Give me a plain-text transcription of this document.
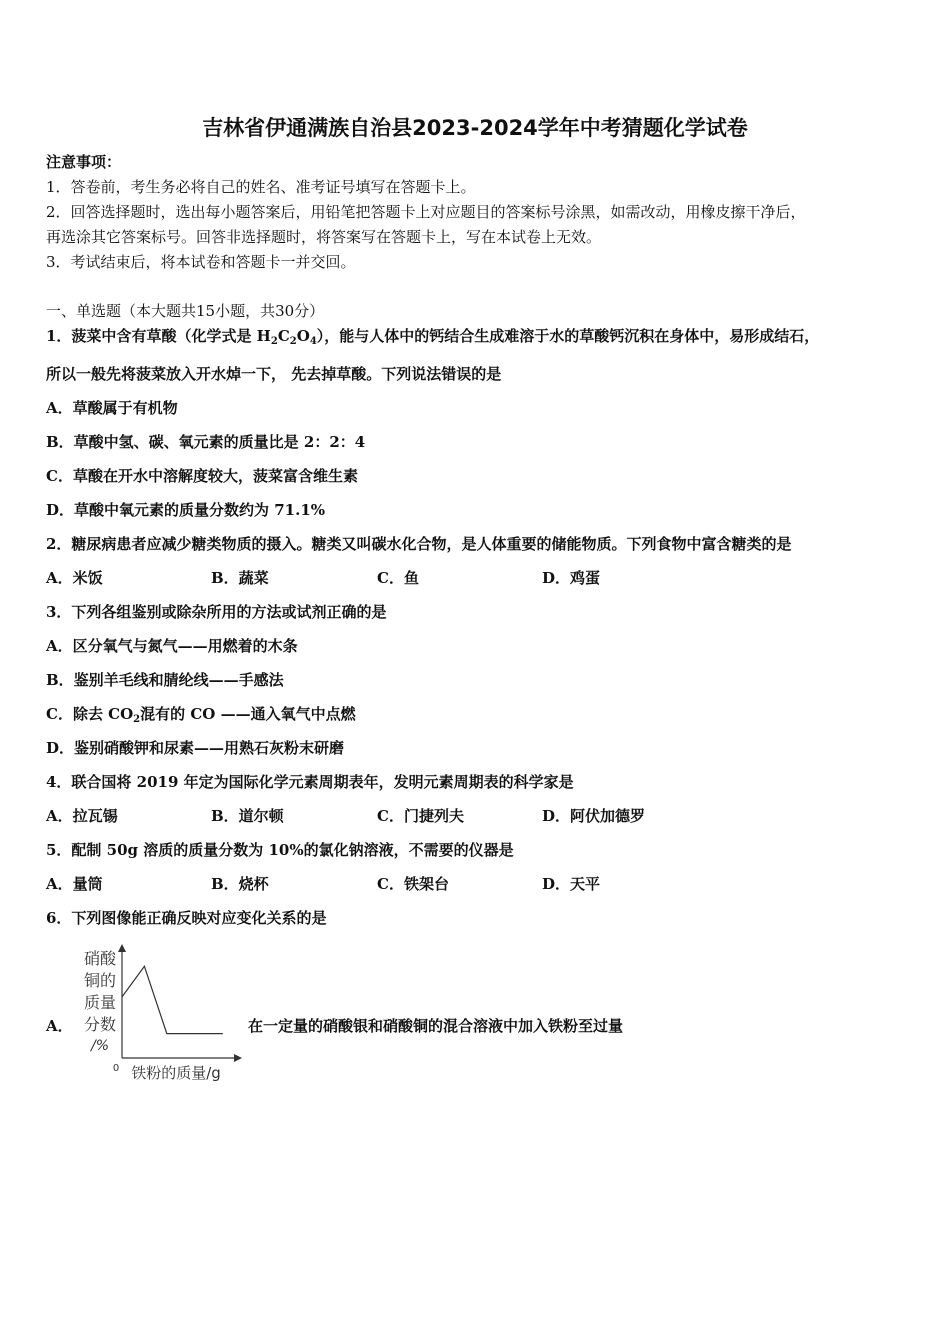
吉林省伊通满族自治县2023-2024学年中考猜题化学试卷
注意事项：
1．答卷前，考生务必将自己的姓名、准考证号填写在答题卡上。
2．回答选择题时，选出每小题答案后，用铅笔把答题卡上对应题目的答案标号涂黑，如需改动，用橡皮擦干净后，
再选涂其它答案标号。回答非选择题时，将答案写在答题卡上，写在本试卷上无效。
3．考试结束后，将本试卷和答题卡一并交回。
一、单选题（本大题共15小题，共30分）
1．菠菜中含有草酸（化学式是 $H_2C_2O_4$），能与人体中的钙结合生成难溶于水的草酸钙沉积在身体中，易形成结石，
所以一般先将菠菜放入开水焯一下， 先去掉草酸。下列说法错误的是
A．草酸属于有机物
B．草酸中氢、碳、氧元素的质量比是 2：2：4
C．草酸在开水中溶解度较大，菠菜富含维生素
D．草酸中氧元素的质量分数约为 71.1%
2．糖尿病患者应减少糖类物质的摄入。糖类又叫碳水化合物，是人体重要的储能物质。下列食物中富含糖类的是
A．米饭	B．蔬菜	C．鱼	D．鸡蛋
3．下列各组鉴别或除杂所用的方法或试剂正确的是
A．区分氧气与氮气——用燃着的木条
B．鉴别羊毛线和腈纶线——手感法
C．除去 $CO_2$混有的 CO ——通入氧气中点燃
D．鉴别硝酸钾和尿素——用熟石灰粉末研磨
4．联合国将 2019 年定为国际化学元素周期表年，发明元素周期表的科学家是
A．拉瓦锡	B．道尔顿	C．门捷列夫	D．阿伏加德罗
5．配制 50g 溶质的质量分数为 10%的氯化钠溶液，不需要的仪器是
A．量筒	B．烧杯	C．铁架台	D．天平
6．下列图像能正确反映对应变化关系的是
A．	在一定量的硝酸银和硝酸铜的混合溶液中加入铁粉至过量
硝酸
铜的
质量
分数
/%
0 铁粉的质量/g
